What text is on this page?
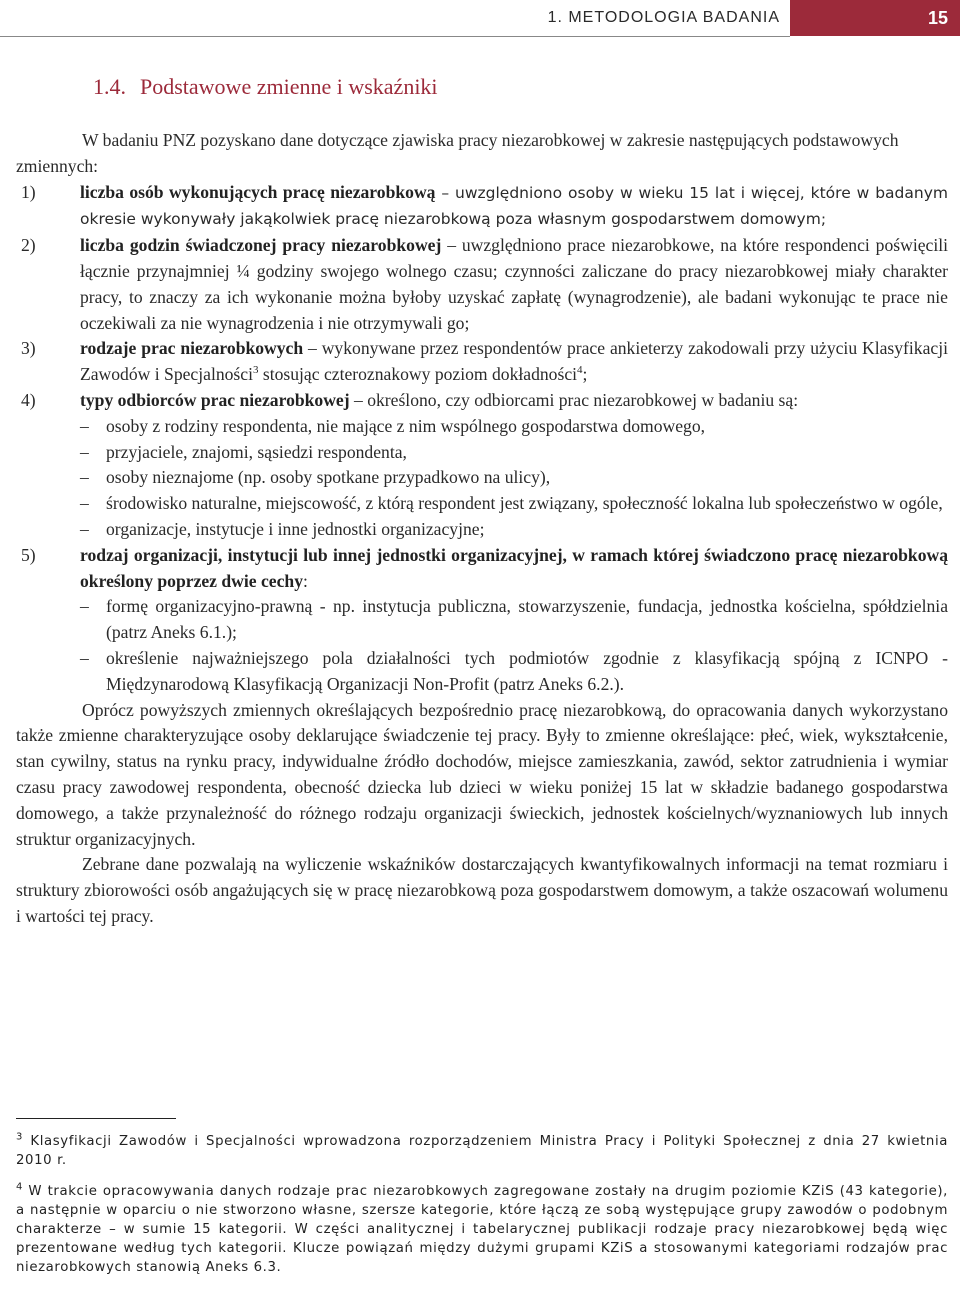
1. METODOLOGIA BADANIA	15
1.4. Podstawowe zmienne i wskaźniki

W badaniu PNZ pozyskano dane dotyczące zjawiska pracy niezarobkowej w zakresie następujących podstawowych zmiennych:

1)	liczba osób wykonujących pracę niezarobkową – uwzględniono osoby w wieku 15 lat i więcej, które w badanym okresie wykonywały jakąkolwiek pracę niezarobkową poza własnym gospodarstwem domowym;
2)	liczba godzin świadczonej pracy niezarobkowej – uwzględniono prace niezarobkowe, na które respondenci poświęcili łącznie przynajmniej ¼ godziny swojego wolnego czasu; czynności zaliczane do pracy niezarobkowej miały charakter pracy, to znaczy za ich wykonanie można byłoby uzyskać zapłatę (wynagrodzenie), ale badani wykonując te prace nie oczekiwali za nie wynagrodzenia i nie otrzymywali go;
3)	rodzaje prac niezarobkowych – wykonywane przez respondentów prace ankieterzy zakodowali przy użyciu Klasyfikacji Zawodów i Specjalności$^3$ stosując czteroznakowy poziom dokładności$^4$;
4)	typy odbiorców prac niezarobkowej – określono, czy odbiorcami prac niezarobkowej w badaniu są:
– osoby z rodziny respondenta, nie mające z nim wspólnego gospodarstwa domowego,
– przyjaciele, znajomi, sąsiedzi respondenta,
– osoby nieznajome (np. osoby spotkane przypadkowo na ulicy),
– środowisko naturalne, miejscowość, z którą respondent jest związany, społeczność lokalna lub społeczeństwo w ogóle,
– organizacje, instytucje i inne jednostki organizacyjne;
5)	rodzaj organizacji, instytucji lub innej jednostki organizacyjnej, w ramach której świadczono pracę niezarobkową określony poprzez dwie cechy:
– formę organizacyjno-prawną - np. instytucja publiczna, stowarzyszenie, fundacja, jednostka kościelna, spółdzielnia (patrz Aneks 6.1.);
– określenie najważniejszego pola działalności tych podmiotów zgodnie z klasyfikacją spójną z ICNPO - Międzynarodową Klasyfikacją Organizacji Non-Profit (patrz Aneks 6.2.).

Oprócz powyższych zmiennych określających bezpośrednio pracę niezarobkową, do opracowania danych wykorzystano także zmienne charakteryzujące osoby deklarujące świadczenie tej pracy. Były to zmienne określające: płeć, wiek, wykształcenie, stan cywilny, status na rynku pracy, indywidualne źródło dochodów, miejsce zamieszkania, zawód, sektor zatrudnienia i wymiar czasu pracy zawodowej respondenta, obecność dziecka lub dzieci w wieku poniżej 15 lat w składzie badanego gospodarstwa domowego, a także przynależność do różnego rodzaju organizacji świeckich, jednostek kościelnych/wyznaniowych lub innych struktur organizacyjnych.

Zebrane dane pozwalają na wyliczenie wskaźników dostarczających kwantyfikowalnych informacji na temat rozmiaru i struktury zbiorowości osób angażujących się w pracę niezarobkową poza gospodarstwem domowym, a także oszacowań wolumenu i wartości tej pracy.

$^3$ Klasyfikacji Zawodów i Specjalności wprowadzona rozporządzeniem Ministra Pracy i Polityki Społecznej z dnia 27 kwietnia 2010 r.

$^4$ W trakcie opracowywania danych rodzaje prac niezarobkowych zagregowane zostały na drugim poziomie KZiS (43 kategorie), a następnie w oparciu o nie stworzono własne, szersze kategorie, które łączą ze sobą występujące grupy zawodów o podobnym charakterze – w sumie 15 kategorii. W części analitycznej i tabelarycznej publikacji rodzaje pracy niezarobkowej będą więc prezentowane według tych kategorii. Klucze powiązań między dużymi grupami KZiS a stosowanymi kategoriami rodzajów prac niezarobkowych stanowią Aneks 6.3.
